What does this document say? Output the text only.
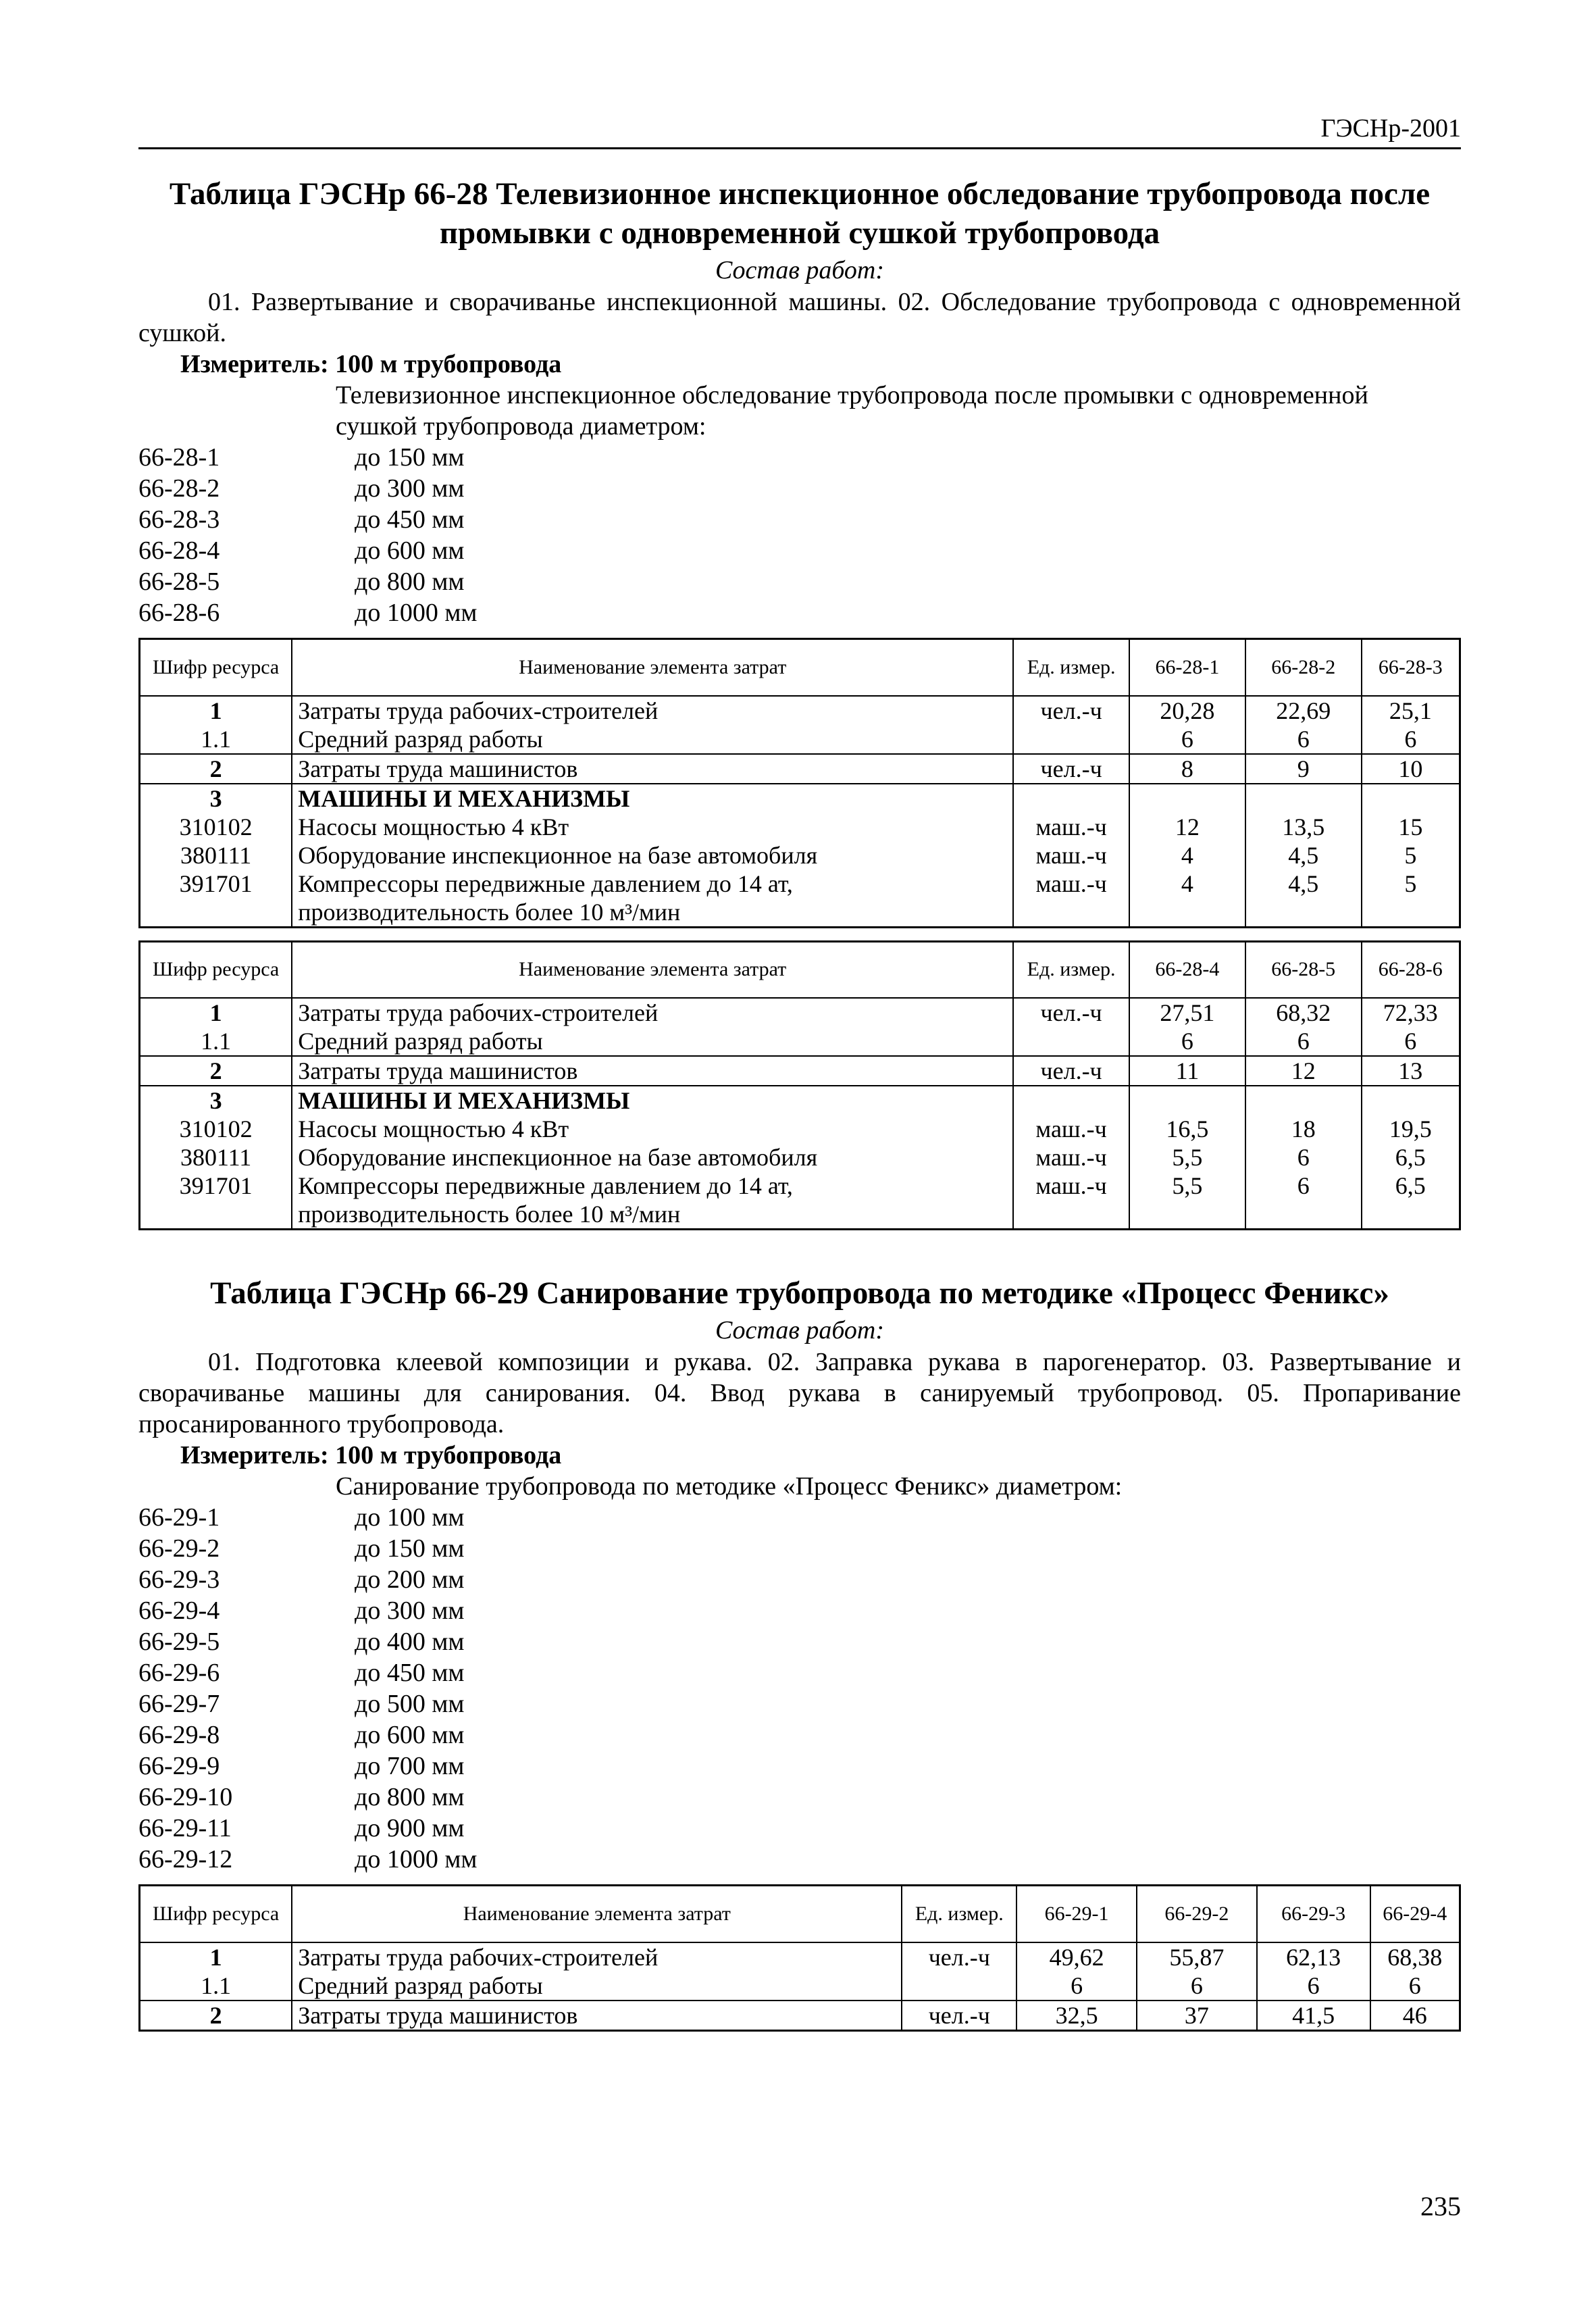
ГЭСНр-2001
Таблица ГЭСНр 66-28 Телевизионное инспекционное обследование трубопровода после промывки с одновременной сушкой трубопровода
Состав работ:
01. Развертывание и сворачиванье инспекционной машины. 02. Обследование трубопровода с одновременной сушкой.
Измеритель: 100 м трубопровода
Телевизионное инспекционное обследование трубопровода после промывки с одновременной сушкой трубопровода диаметром:
66-28-1	до 150 мм
66-28-2	до 300 мм
66-28-3	до 450 мм
66-28-4	до 600 мм
66-28-5	до 800 мм
66-28-6	до 1000 мм
Шифр ресурса	Наименование элемента затрат	Ед. измер.	66-28-1	66-28-2	66-28-3
1	Затраты труда рабочих-строителей	чел.-ч	20,28	22,69	25,1
1.1	Средний разряд работы		6	6	6
2	Затраты труда машинистов	чел.-ч	8	9	10
3	МАШИНЫ И МЕХАНИЗМЫ				
310102	Насосы мощностью 4 кВт	маш.-ч	12	13,5	15
380111	Оборудование инспекционное на базе автомобиля	маш.-ч	4	4,5	5
391701	Компрессоры передвижные давлением до 14 ат, производительность более 10 м³/мин	маш.-ч	4	4,5	5
Шифр ресурса	Наименование элемента затрат	Ед. измер.	66-28-4	66-28-5	66-28-6
1	Затраты труда рабочих-строителей	чел.-ч	27,51	68,32	72,33
1.1	Средний разряд работы		6	6	6
2	Затраты труда машинистов	чел.-ч	11	12	13
3	МАШИНЫ И МЕХАНИЗМЫ				
310102	Насосы мощностью 4 кВт	маш.-ч	16,5	18	19,5
380111	Оборудование инспекционное на базе автомобиля	маш.-ч	5,5	6	6,5
391701	Компрессоры передвижные давлением до 14 ат, производительность более 10 м³/мин	маш.-ч	5,5	6	6,5
Таблица ГЭСНр 66-29 Санирование трубопровода по методике «Процесс Феникс»
Состав работ:
01. Подготовка клеевой композиции и рукава. 02. Заправка рукава в парогенератор. 03. Развертывание и сворачиванье машины для санирования. 04. Ввод рукава в санируемый трубопровод. 05. Пропаривание просанированного трубопровода.
Измеритель: 100 м трубопровода
Санирование трубопровода по методике «Процесс Феникс» диаметром:
66-29-1	до 100 мм
66-29-2	до 150 мм
66-29-3	до 200 мм
66-29-4	до 300 мм
66-29-5	до 400 мм
66-29-6	до 450 мм
66-29-7	до 500 мм
66-29-8	до 600 мм
66-29-9	до 700 мм
66-29-10	до 800 мм
66-29-11	до 900 мм
66-29-12	до 1000 мм
Шифр ресурса	Наименование элемента затрат	Ед. измер.	66-29-1	66-29-2	66-29-3	66-29-4
1	Затраты труда рабочих-строителей	чел.-ч	49,62	55,87	62,13	68,38
1.1	Средний разряд работы		6	6	6	6
2	Затраты труда машинистов	чел.-ч	32,5	37	41,5	46
235
